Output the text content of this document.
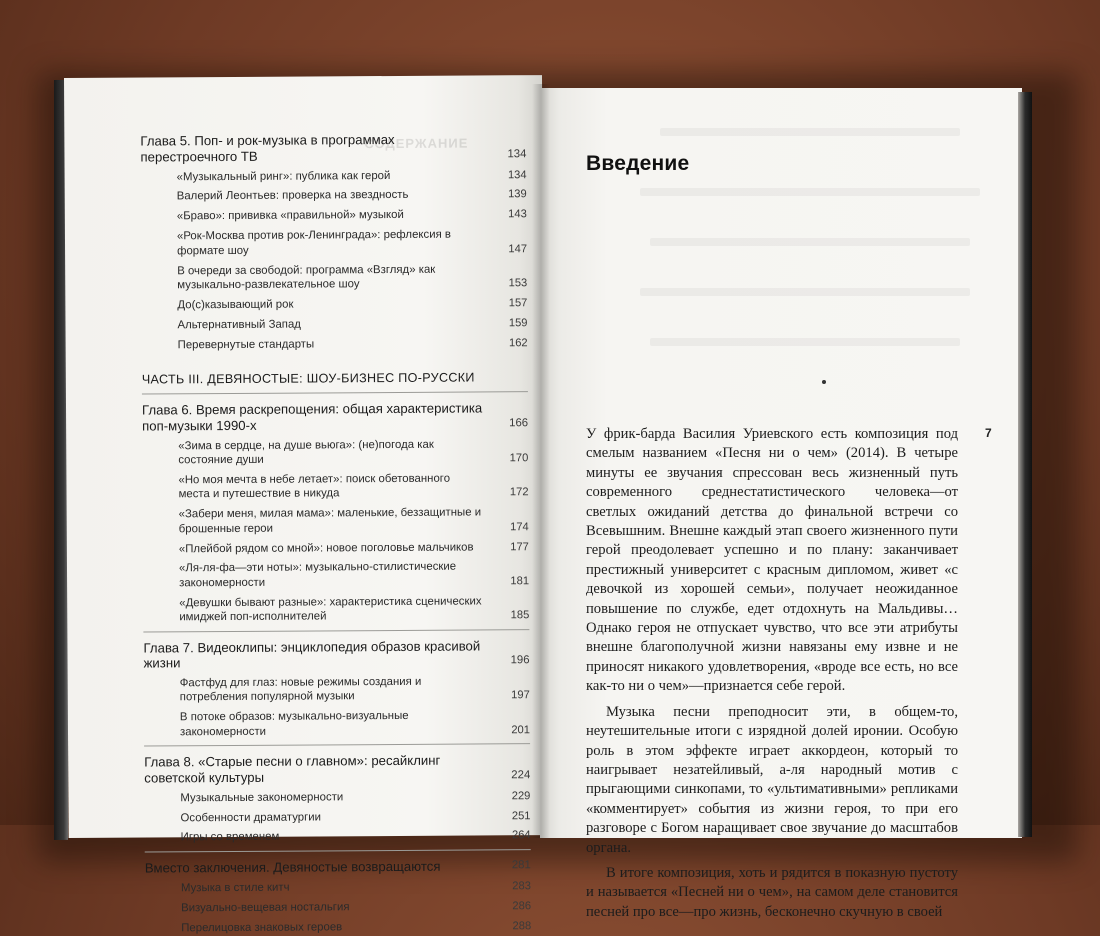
СОДЕРЖАНИЕ
Глава 5. Поп- и рок-музыка в программах перестроечного ТВ	134
«Музыкальный ринг»: публика как герой	134
Валерий Леонтьев: проверка на звездность	139
«Браво»: прививка «правильной» музыкой	143
«Рок-Москва против рок-Ленинграда»: рефлексия в формате шоу	147
В очереди за свободой: программа «Взгляд» как музыкально-развлекательное шоу	153
До(с)казывающий рок	157
Альтернативный Запад	159
Перевернутые стандарты	162
ЧАСТЬ III. ДЕВЯНОСТЫЕ: ШОУ-БИЗНЕС ПО-РУССКИ
Глава 6. Время раскрепощения: общая характеристика поп-музыки 1990-х	166
«Зима в сердце, на душе вьюга»: (не)погода как состояние души	170
«Но моя мечта в небе летает»: поиск обетованного места и путешествие в никуда	172
«Забери меня, милая мама»: маленькие, беззащитные и брошенные герои	174
«Плейбой рядом со мной»: новое поголовье мальчиков	177
«Ля-ля-фа—эти ноты»: музыкально-стилистические закономерности	181
«Девушки бывают разные»: характеристика сценических имиджей поп-исполнителей	185
Глава 7. Видеоклипы: энциклопедия образов красивой жизни	196
Фастфуд для глаз: новые режимы создания и потребления популярной музыки	197
В потоке образов: музыкально-визуальные закономерности	201
Глава 8. «Старые песни о главном»: ресайклинг советской культуры	224
Музыкальные закономерности	229
Особенности драматургии	251
Игры со временем	264
Вместо заключения. Девяностые возвращаются	281
Музыка в стиле китч	283
Визуально-вещевая ностальгия	286
Перелицовка знаковых героев	288
Введение
7

У фрик-барда Василия Уриевского есть композиция под смелым названием «Песня ни о чем» (2014). В четыре минуты ее звучания спрессован весь жизненный путь современного среднестатистического человека—от светлых ожиданий детства до финальной встречи со Всевышним. Внешне каждый этап своего жизненного пути герой преодолевает успешно и по плану: заканчивает престижный университет с красным дипломом, живет «с девочкой из хорошей семьи», получает неожиданное повышение по службе, едет отдохнуть на Мальдивы… Однако героя не отпускает чувство, что все эти атрибуты внешне благополучной жизни навязаны ему извне и не приносят никакого удовлетворения, «вроде все есть, но все как-то ни о чем»—признается себе герой.

Музыка песни преподносит эти, в общем-то, неутешительные итоги с изрядной долей иронии. Особую роль в этом эффекте играет аккордеон, который то наигрывает незатейливый, а-ля народный мотив с прыгающими синкопами, то «ультимативными» репликами «комментирует» события из жизни героя, то при его разговоре с Богом наращивает свое звучание до масштабов органа.

В итоге композиция, хоть и рядится в показную пустоту и называется «Песней ни о чем», на самом деле становится песней про все—про жизнь, бесконечно скучную в своей
